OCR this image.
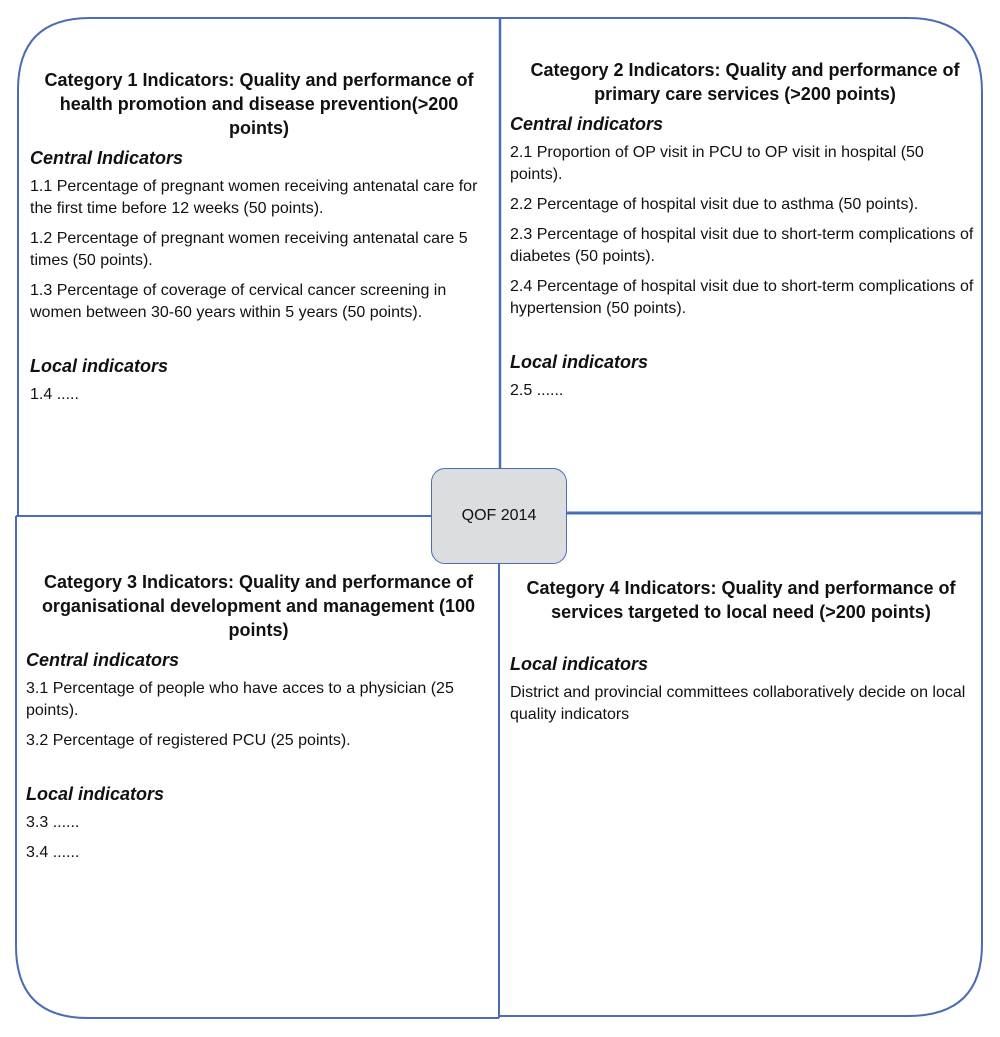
Category 1 Indicators: Quality and performance of health promotion and disease prevention(>200 points)
Central Indicators
1.1 Percentage of pregnant women receiving antenatal care for the first time before 12 weeks (50 points).
1.2 Percentage of pregnant women receiving antenatal care 5 times (50 points).
1.3 Percentage of coverage of cervical cancer screening in women between 30-60 years within 5 years (50 points).
Local indicators
1.4 .....
Category 2 Indicators: Quality and performance of primary care services (>200 points)
Central indicators
2.1 Proportion of OP visit in PCU to OP visit in hospital (50 points).
2.2 Percentage of hospital visit due to asthma (50 points).
2.3 Percentage of hospital visit due to short-term complications of diabetes (50 points).
2.4 Percentage of hospital visit due to short-term complications of hypertension (50 points).
Local indicators
2.5 ......
QOF 2014
Category 3 Indicators: Quality and performance of organisational development and management (100 points)
Central indicators
3.1 Percentage of people who have acces to a physician (25 points).
3.2 Percentage of registered PCU (25 points).
Local indicators
3.3 ......
3.4 ......
Category 4 Indicators: Quality and performance of services targeted to local need (>200 points)
Local indicators
District and provincial committees collaboratively decide on local quality indicators
